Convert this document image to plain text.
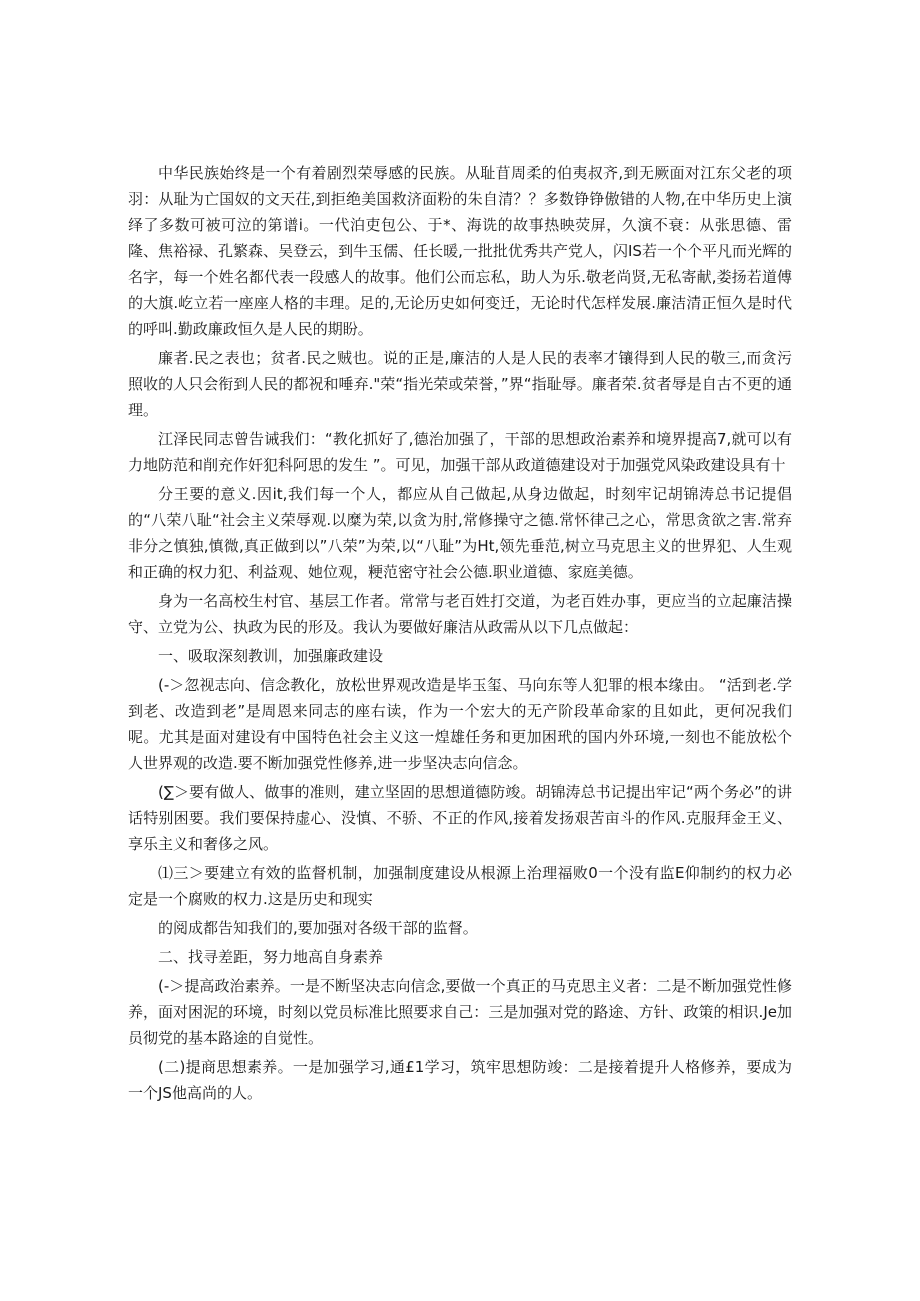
中华民族始终是一个有着剧烈荣辱感的民族。从耻苜周柔的伯夷叔齐,到无厥面对江东父老的项羽：从耻为亡国奴的文天茌,到拒绝美国救济面粉的朱自清？？多数铮铮傲错的人物,在中华历史上演绎了多数可被可泣的第谱i。一代泊吏包公、于*、海诜的故事热映荧屏，久演不衰：从张思德、雷隆、焦裕禄、孔繁森、吴登云，到牛玉儒、任长暖,一批批优秀共产党人，闪IS若一个个平凡而光辉的名字，每一个姓名都代表一段感人的故事。他们公而忘私，助人为乐.敬老尚贤,无私寄献,娄扬若道傅的大旗.屹立若一座座人格的丰理。足的,无论历史如何变迁，无论时代怎样发展.廉洁清正恒久是时代的呼叫.勤政廉政恒久是人民的期盼。

廉者.民之表也；贫者.民之贼也。说的正是,廉洁的人是人民的表率才镶得到人民的敬三,而贪污照收的人只会衔到人民的都祝和唾弃."荣“指光荣或荣誉，”界“指耻辱。廉者荣.贫者辱是自古不更的通理。

江泽民同志曾告诫我们：“教化抓好了,德治加强了，干部的思想政治素养和境界提高7,就可以有力地防范和削充作奸犯科阿思的发生 ”。可见，加强干部从政道德建设对于加强党风染政建设具有十

分王要的意义.因it,我们每一个人，都应从自己做起,从身边做起，时刻牢记胡锦涛总书记提倡的“八荣八耻“社会主义荣辱观.以糜为荣,以贪为肘,常修操守之德.常怀律己之心，常思贪欲之害.常弃非分之慎独,慎微,真正做到以”八荣”为荣,以“八耻”为Ht,领先垂范,树立马克思主义的世界犯、人生观和正确的权力犯、利益观、她位观，粳范密守社会公德.职业道德、家庭美德。

身为一名高校生村官、基层工作者。常常与老百姓打交道，为老百姓办事，更应当的立起廉洁操守、立党为公、执政为民的形及。我认为要做好廉洁从政需从以下几点做起：

一、吸取深刻教训，加强廉政建设

(-＞忽视志向、信念教化，放松世界观改造是毕玉玺、马向东等人犯罪的根本缘由。 “活到老.学到老、改造到老”是周恩来同志的座右读，作为一个宏大的无产阶段革命家的且如此，更何况我们呢。尤其是面对建设有中国特色社会主义这一煌雄任务和更加困玳的国内外环境,一刻也不能放松个人世界观的改造.要不断加强党性修养,进一步坚决志向信念。

(∑＞要有做人、做事的准则，建立坚固的思想道德防竣。胡锦涛总书记提出牢记“两个务必”的讲话特别困要。我们要保持虚心、没慎、不骄、不正的作风,接着发扬艰苦亩斗的作风.克服拜金王义、享乐主义和奢侈之风。

⑴三＞要建立有效的监督机制，加强制度建设从根源上治理福败0一个没有监E仰制约的权力必定是一个腐败的权力.这是历史和现实

的阅成都告知我们的,要加强对各级干部的监督。

二、找寻差距，努力地高自身素养

(-＞提高政治素养。一是不断坚决志向信念,要做一个真正的马克思主义者：二是不断加强党性修养，面对困泥的环境，时刻以党员标准比照要求自己：三是加强对党的路途、方针、政策的相识.Je加员彻党的基本路途的自觉性。

(二)提商思想素养。一是加强学习,通£1学习，筑牢思想防竣：二是接着提升人格修养，要成为一个JS他高尚的人。
